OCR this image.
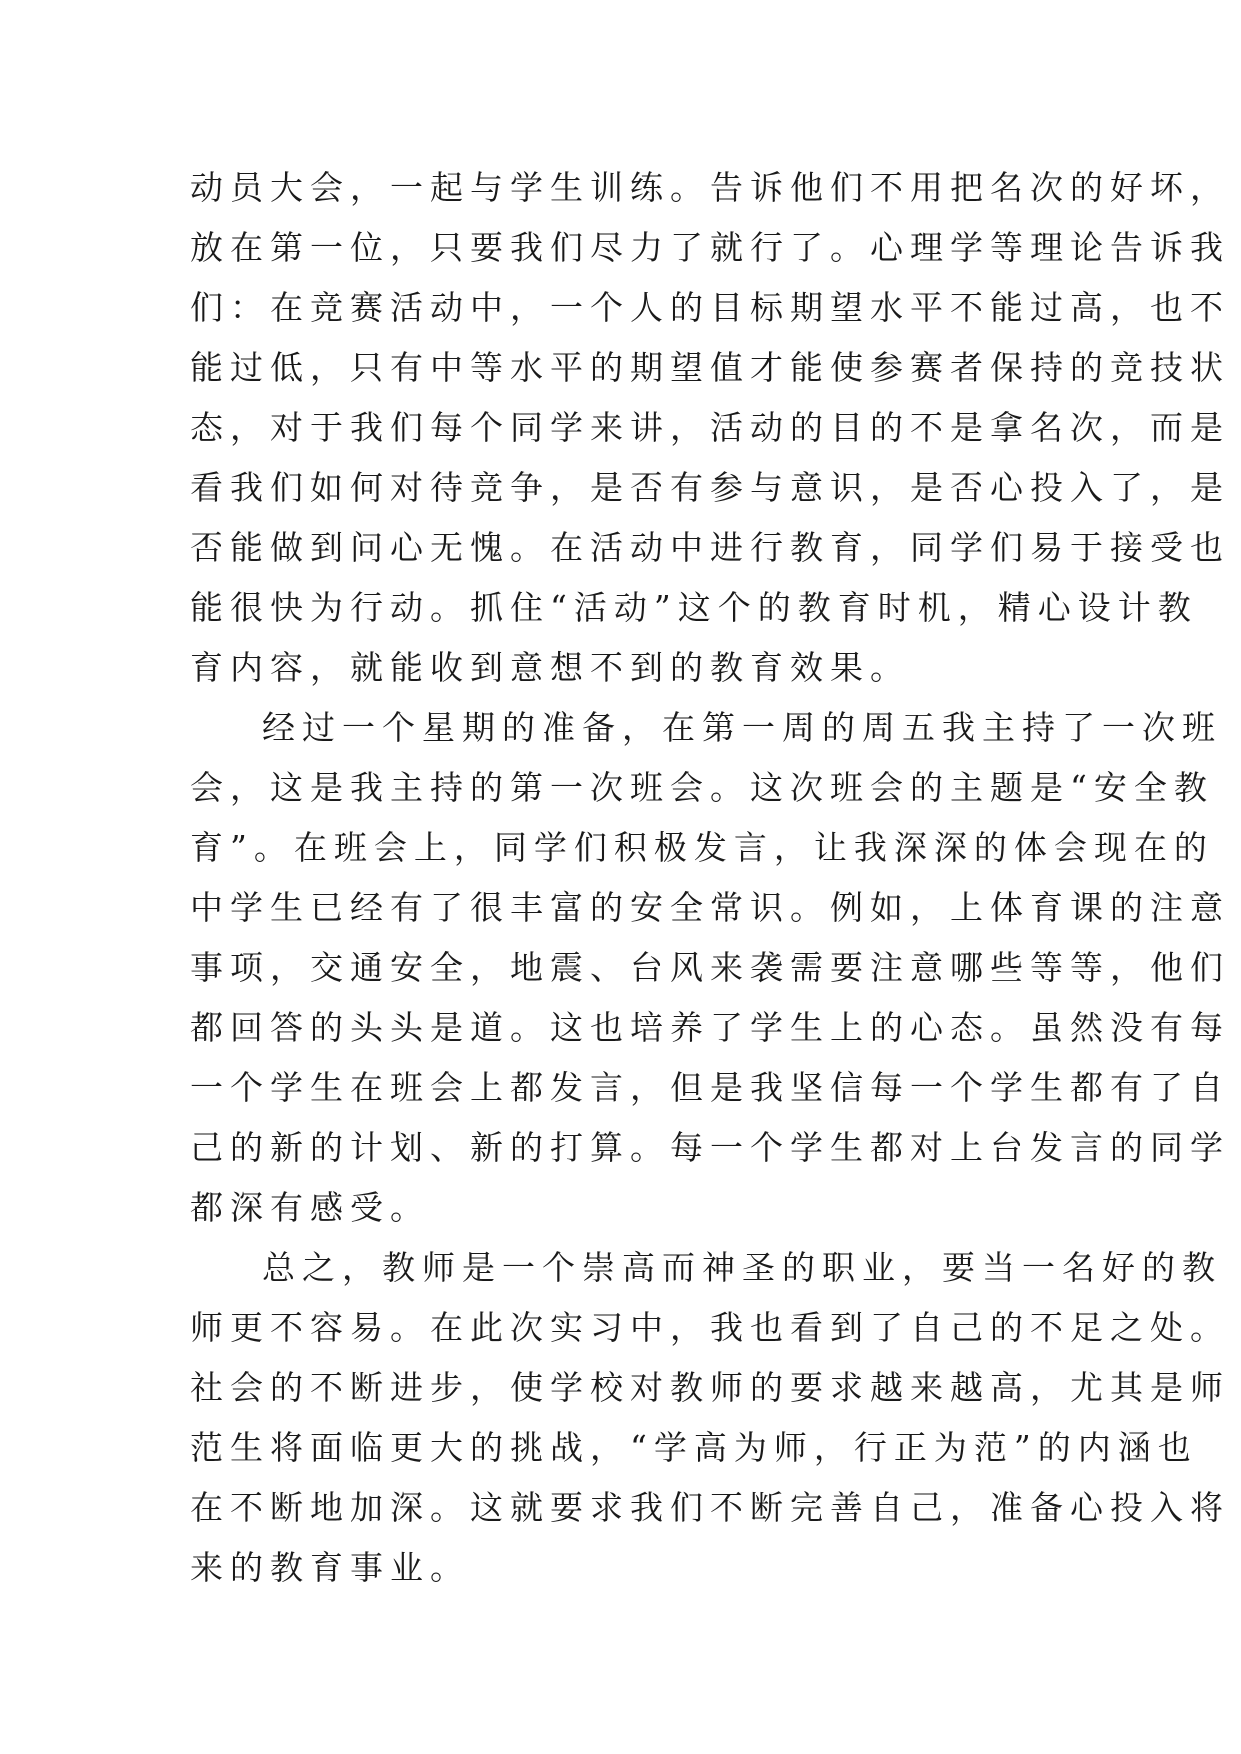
动员大会，一起与学生训练。告诉他们不用把名次的好坏，
放在第一位，只要我们尽力了就行了。心理学等理论告诉我
们：在竞赛活动中，一个人的目标期望水平不能过高，也不
能过低，只有中等水平的期望值才能使参赛者保持的竞技状
态，对于我们每个同学来讲，活动的目的不是拿名次，而是
看我们如何对待竞争，是否有参与意识，是否心投入了，是
否能做到问心无愧。在活动中进行教育，同学们易于接受也
能很快为行动。抓住“活动”这个的教育时机，精心设计教
育内容，就能收到意想不到的教育效果。
经过一个星期的准备，在第一周的周五我主持了一次班
会，这是我主持的第一次班会。这次班会的主题是“安全教
育”。在班会上，同学们积极发言，让我深深的体会现在的
中学生已经有了很丰富的安全常识。例如，上体育课的注意
事项，交通安全，地震、台风来袭需要注意哪些等等，他们
都回答的头头是道。这也培养了学生上的心态。虽然没有每
一个学生在班会上都发言，但是我坚信每一个学生都有了自
己的新的计划、新的打算。每一个学生都对上台发言的同学
都深有感受。
总之，教师是一个崇高而神圣的职业，要当一名好的教
师更不容易。在此次实习中，我也看到了自己的不足之处。
社会的不断进步，使学校对教师的要求越来越高，尤其是师
范生将面临更大的挑战，“学高为师，行正为范”的内涵也
在不断地加深。这就要求我们不断完善自己，准备心投入将
来的教育事业。
